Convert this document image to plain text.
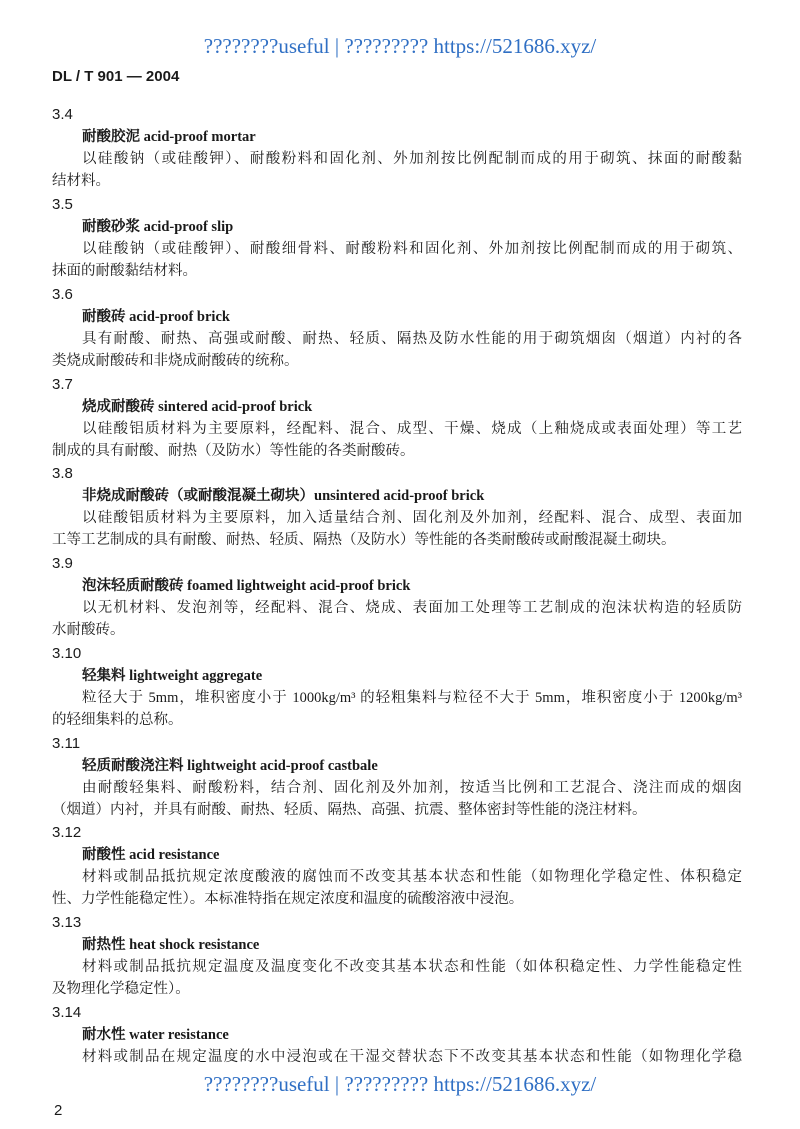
????????useful | ????????? https://521686.xyz/
DL / T 901 — 2004
3.4
耐酸胶泥 acid-proof mortar
以硅酸钠（或硅酸钾）、耐酸粉料和固化剂、外加剂按比例配制而成的用于砌筑、抹面的耐酸黏
结材料。
3.5
耐酸砂浆 acid-proof slip
以硅酸钠（或硅酸钾）、耐酸细骨料、耐酸粉料和固化剂、外加剂按比例配制而成的用于砌筑、
抹面的耐酸黏结材料。
3.6
耐酸砖 acid-proof brick
具有耐酸、耐热、高强或耐酸、耐热、轻质、隔热及防水性能的用于砌筑烟囱（烟道）内衬的各
类烧成耐酸砖和非烧成耐酸砖的统称。
3.7
烧成耐酸砖 sintered acid-proof brick
以硅酸铝质材料为主要原料，经配料、混合、成型、干燥、烧成（上釉烧成或表面处理）等工艺
制成的具有耐酸、耐热（及防水）等性能的各类耐酸砖。
3.8
非烧成耐酸砖（或耐酸混凝土砌块）unsintered acid-proof brick
以硅酸铝质材料为主要原料，加入适量结合剂、固化剂及外加剂，经配料、混合、成型、表面加
工等工艺制成的具有耐酸、耐热、轻质、隔热（及防水）等性能的各类耐酸砖或耐酸混凝土砌块。
3.9
泡沫轻质耐酸砖 foamed lightweight acid-proof brick
以无机材料、发泡剂等，经配料、混合、烧成、表面加工处理等工艺制成的泡沫状构造的轻质防
水耐酸砖。
3.10
轻集料 lightweight aggregate
粒径大于 5mm，堆积密度小于 1000kg/m³ 的轻粗集料与粒径不大于 5mm，堆积密度小于 1200kg/m³
的轻细集料的总称。
3.11
轻质耐酸浇注料 lightweight acid-proof castbale
由耐酸轻集料、耐酸粉料，结合剂、固化剂及外加剂，按适当比例和工艺混合、浇注而成的烟囱
（烟道）内衬，并具有耐酸、耐热、轻质、隔热、高强、抗震、整体密封等性能的浇注材料。
3.12
耐酸性 acid resistance
材料或制品抵抗规定浓度酸液的腐蚀而不改变其基本状态和性能（如物理化学稳定性、体积稳定
性、力学性能稳定性）。本标准特指在规定浓度和温度的硫酸溶液中浸泡。
3.13
耐热性 heat shock resistance
材料或制品抵抗规定温度及温度变化不改变其基本状态和性能（如体积稳定性、力学性能稳定性
及物理化学稳定性）。
3.14
耐水性 water resistance
材料或制品在规定温度的水中浸泡或在干湿交替状态下不改变其基本状态和性能（如物理化学稳
????????useful | ????????? https://521686.xyz/
2
